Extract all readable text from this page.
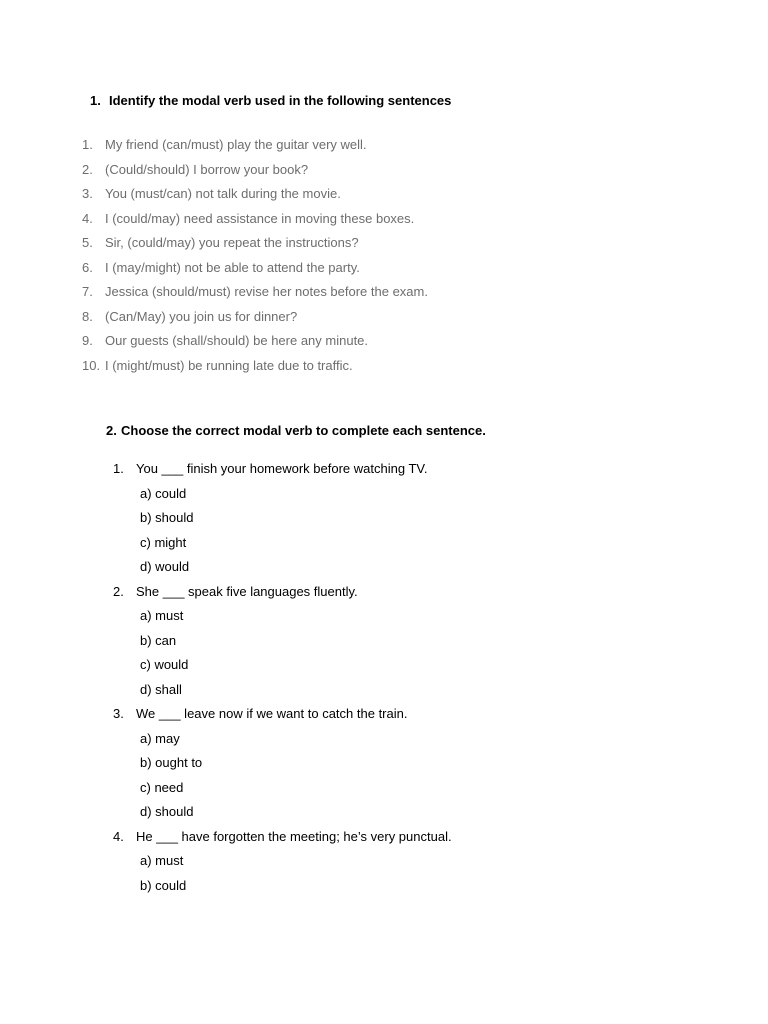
1. Identify the modal verb used in the following sentences
1. My friend (can/must) play the guitar very well.
2. (Could/should) I borrow your book?
3. You (must/can) not talk during the movie.
4. I (could/may) need assistance in moving these boxes.
5. Sir, (could/may) you repeat the instructions?
6. I (may/might) not be able to attend the party.
7. Jessica (should/must) revise her notes before the exam.
8. (Can/May) you join us for dinner?
9. Our guests (shall/should) be here any minute.
10. I (might/must) be running late due to traffic.
2. Choose the correct modal verb to complete each sentence.
1. You ___ finish your homework before watching TV.
a) could
b) should
c) might
d) would
2. She ___ speak five languages fluently.
a) must
b) can
c) would
d) shall
3. We ___ leave now if we want to catch the train.
a) may
b) ought to
c) need
d) should
4. He ___ have forgotten the meeting; he’s very punctual.
a) must
b) could
